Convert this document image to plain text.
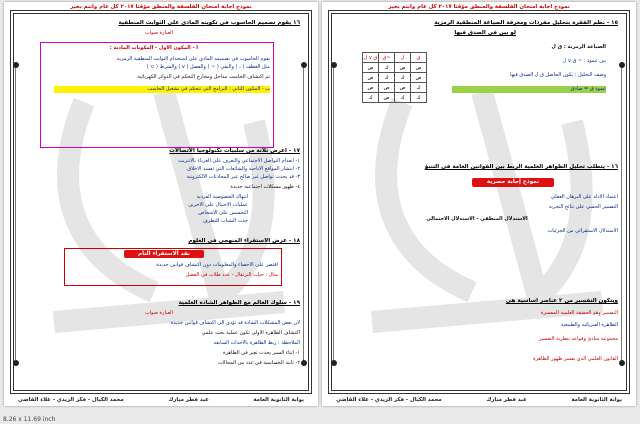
نموذج اجابة امتحان الفلسفة والمنطق مؤقتا ٢٠١٧ كل عام وانتم بخير
١٦ يقوم تصميم الحاسوب في تكوينه المادي على الثوابت المنطقية
العبارة صواب
أ - المكون الاول - المكونات المادية :
يقوم الحاسوب في تصميمه المادي على استخدام الثوابت المنطقية الرمزية
مثل العطف ( ، ) والنفي ( ~ ) والفصل ( v ) والشرط ( ⊃ )
ثم اكتشاف الحاسب مداخل ومخارج التحكم في الدوائر الكهربائية
ب - المكون الثاني : البرامج التي تتحكم في تشغيل الحاسب
١٧ - اعرض ثلاثة من سلبيات تكنولوجيا الاتصالات
١- انعدام التواصل الاجتماعي والتعرف على الغرباء بالانترنت
٢- انتشار المواقع الاباحية والشائعات التي تفسد الاخلاق
٣- قد يحدث تواصل غير صالح عبر المحادثات الالكترونية
٤- ظهور مشكلات اجتماعية جديدة
انتهاك الخصوصية الفردية
عمليات الاحتيال على الاخرين
التجسس على الاشخاص
جذب الشباب للتطرف
١٨ - عرض الاستقراء المنهجي في العلوم
نقد الاستقراء التام
اقتصر على الاحصاء والمعلومات دون اكتشاف قوانين جديدة
مثال : حيات البرتقال - عدد طلاب في الفصل
١٩ - سلوك العالم مع الظواهر الشاذة العلمية
العبارة صواب
لأن بعض المشكلات الشاذة قد تؤدي الى اكتشاف قوانين جديدة
اكتشاف الظاهرة الأولى تكون عملية بحث علمي
الملاحظة : ربط الظاهرة بالاحداث السابقة
١- اثناء السير يحدث تغير في الظاهرة
٢- ثابتة الحساسية في عدد من المجالات
بوابة الثانوية العامة
عبد فطر مبارك
محمد الكيال - فكر الزيدي - علاء القاضي
نموذج اجابة امتحان الفلسفة والمنطق مؤقتا ٢٠١٧ كل عام وانتم بخير
١٥ - نظم الفقرة بتحليل مفردات ومعرفة الصياغة المنطقية الرمزية
لو بين في الصدق فيها
الصياغة الرمزية : ق ل
ق	ل	~ق	ق v ل
ص	ص	ك	ص
ص	ك	ك	ص
ك	ص	ص	ص
ك	ك	ص	ك
بين عمود : ~ ق v ل
وصف التحليل : يكون الحاصل ق ل الصدق فيها
عمود ق = صادق
١٦ - يتطلب تحليل الظواهر العلمية الربط بين القوانين العامة في التنبؤ
نموذج إجابة حصرية
اعتماد الادلة على البرهان العقلي
التفسير الحسي على نتائج التجربة
الاستدلال المنطقي - الاستدلال الاحتمالي
الاستدلال الاستقرائي من الجزئيات
ويتكون التفسير من ٢ عناصر اساسية هي
التفسير وهو الحقيقة العلمية المفسرة
الظاهرة الفيزيائية والطبيعية
مجموعة مبادئ وقواعد بنظرية التفسير
القانون العلمي الذي يفسر ظهور الظاهرة
بوابة الثانوية العامة
عبد فطر مبارك
محمد الكيال - فكر الزيدي - علاء القاضي
8.26 x 11.69 inch
